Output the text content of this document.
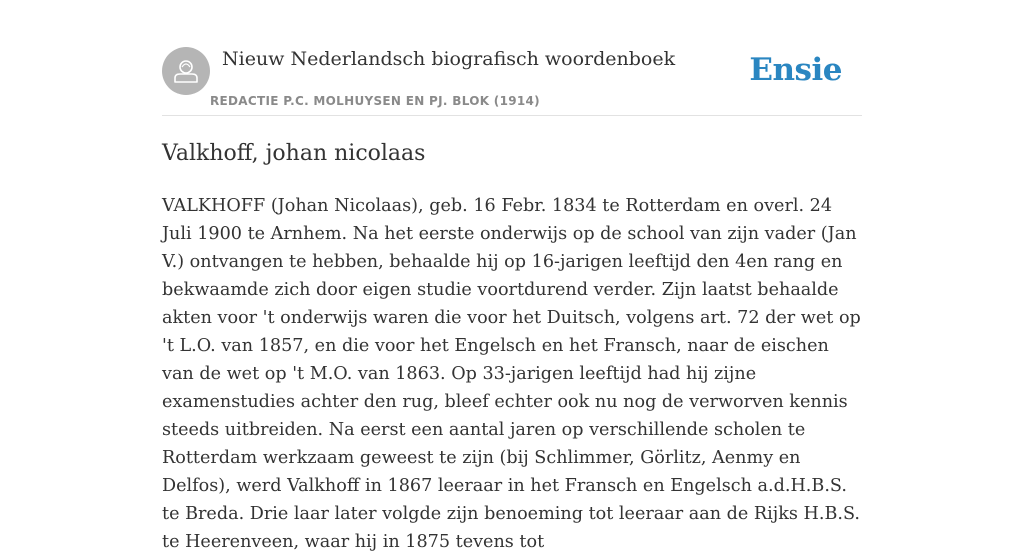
Nieuw Nederlandsch biografisch woordenboek
REDACTIE P.C. MOLHUYSEN EN PJ. BLOK (1914)
Ensie
Valkhoff, johan nicolaas

VALKHOFF (Johan Nicolaas), geb. 16 Febr. 1834 te Rotterdam en overl. 24 Juli 1900 te Arnhem. Na het eerste onderwijs op de school van zijn vader (Jan V.) ontvangen te hebben, behaalde hij op 16-jarigen leeftijd den 4en rang en bekwaamde zich door eigen studie voortdurend verder. Zijn laatst behaalde akten voor 't onderwijs waren die voor het Duitsch, volgens art. 72 der wet op 't L.O. van 1857, en die voor het Engelsch en het Fransch, naar de eischen van de wet op 't M.O. van 1863. Op 33-jarigen leeftijd had hij zijne examenstudies achter den rug, bleef echter ook nu nog de verworven kennis steeds uitbreiden. Na eerst een aantal jaren op verschillende scholen te Rotterdam werkzaam geweest te zijn (bij Schlimmer, Görlitz, Aenmy en Delfos), werd Valkhoff in 1867 leeraar in het Fransch en Engelsch a.d.H.B.S. te Breda. Drie laar later volgde zijn benoeming tot leeraar aan de Rijks H.B.S. te Heerenveen, waar hij in 1875 tevens tot
